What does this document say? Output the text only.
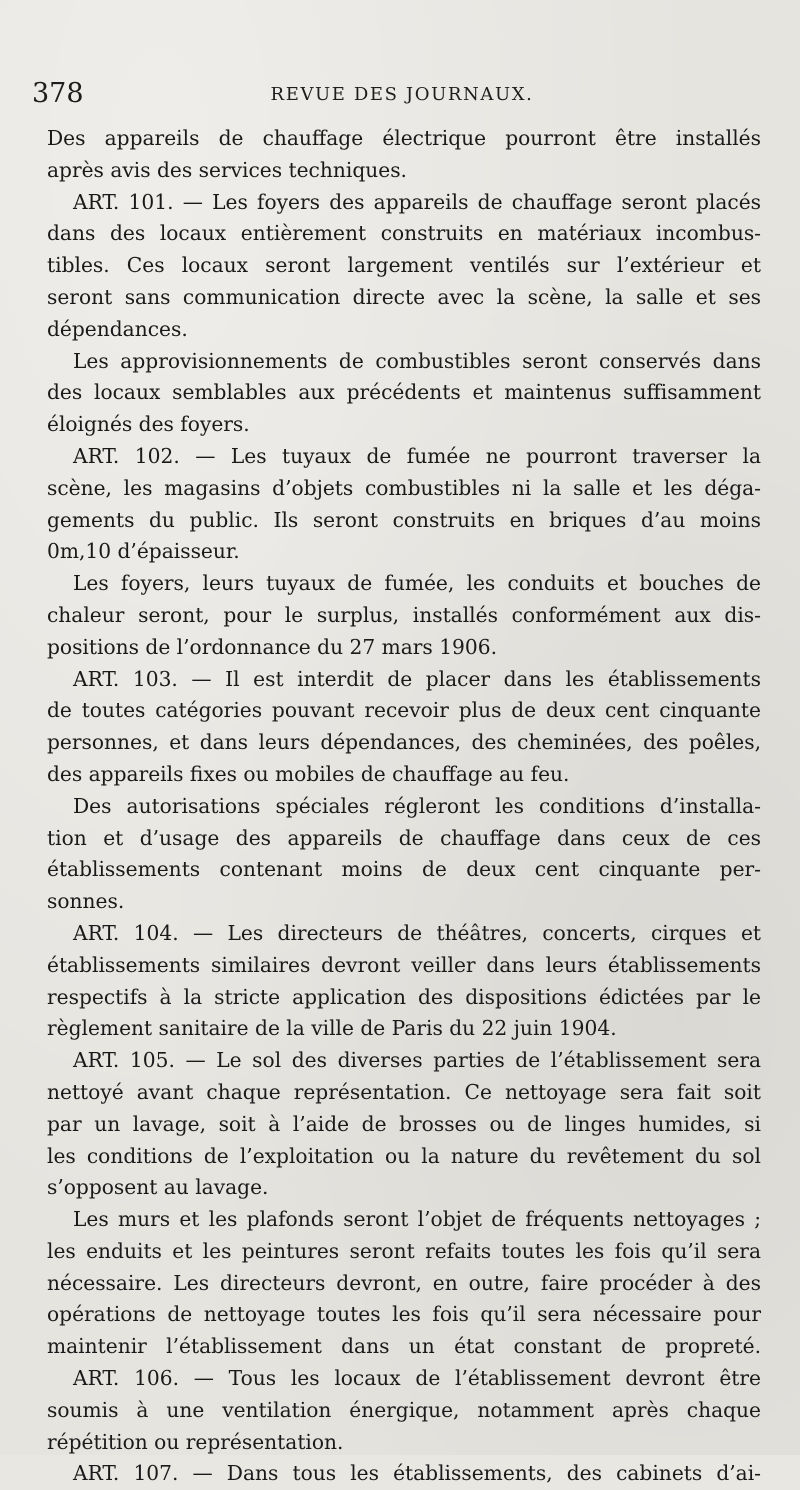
378	REVUE DES JOURNAUX.
Des appareils de chauffage électrique pourront être installés
après avis des services techniques.
ART. 101. — Les foyers des appareils de chauffage seront placés
dans des locaux entièrement construits en matériaux incombus-
tibles. Ces locaux seront largement ventilés sur l’extérieur et
seront sans communication directe avec la scène, la salle et ses
dépendances.
Les approvisionnements de combustibles seront conservés dans
des locaux semblables aux précédents et maintenus suffisamment
éloignés des foyers.
ART. 102. — Les tuyaux de fumée ne pourront traverser la
scène, les magasins d’objets combustibles ni la salle et les déga-
gements du public. Ils seront construits en briques d’au moins
0m,10 d’épaisseur.
Les foyers, leurs tuyaux de fumée, les conduits et bouches de
chaleur seront, pour le surplus, installés conformément aux dis-
positions de l’ordonnance du 27 mars 1906.
ART. 103. — Il est interdit de placer dans les établissements
de toutes catégories pouvant recevoir plus de deux cent cinquante
personnes, et dans leurs dépendances, des cheminées, des poêles,
des appareils fixes ou mobiles de chauffage au feu.
Des autorisations spéciales régleront les conditions d’installa-
tion et d’usage des appareils de chauffage dans ceux de ces
établissements contenant moins de deux cent cinquante per-
sonnes.
ART. 104. — Les directeurs de théâtres, concerts, cirques et
établissements similaires devront veiller dans leurs établissements
respectifs à la stricte application des dispositions édictées par le
règlement sanitaire de la ville de Paris du 22 juin 1904.
ART. 105. — Le sol des diverses parties de l’établissement sera
nettoyé avant chaque représentation. Ce nettoyage sera fait soit
par un lavage, soit à l’aide de brosses ou de linges humides, si
les conditions de l’exploitation ou la nature du revêtement du sol
s’opposent au lavage.
Les murs et les plafonds seront l’objet de fréquents nettoyages ;
les enduits et les peintures seront refaits toutes les fois qu’il sera
nécessaire. Les directeurs devront, en outre, faire procéder à des
opérations de nettoyage toutes les fois qu’il sera nécessaire pour
maintenir l’établissement dans un état constant de propreté.
ART. 106. — Tous les locaux de l’établissement devront être
soumis à une ventilation énergique, notamment après chaque
répétition ou représentation.
ART. 107. — Dans tous les établissements, des cabinets d’ai-
